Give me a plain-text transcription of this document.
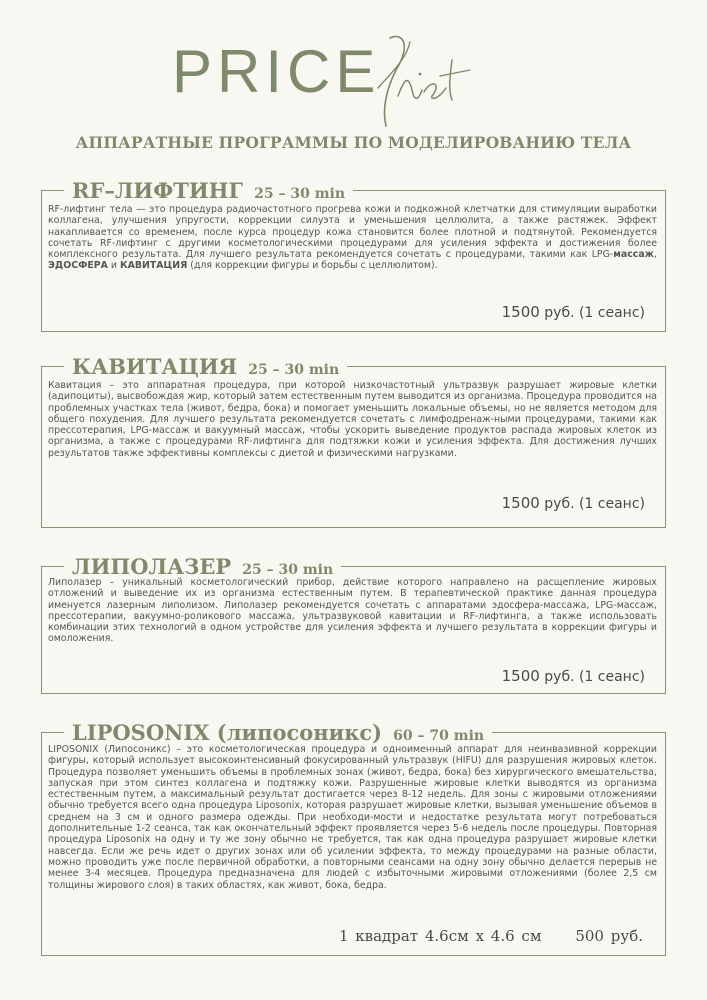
PRICE
АППАРАТНЫЕ ПРОГРАММЫ ПО МОДЕЛИРОВАНИЮ ТЕЛА
RF–ЛИФТИНГ 25 – 30 min

RF-лифтинг тела — это процедура радиочастотного прогрева кожи и подкожной клетчатки для стимуляции выработки коллагена, улучшения упругости, коррекции силуэта и уменьшения целлюлита, а также растяжек. Эффект накапливается со временем, после курса процедур кожа становится более плотной и подтянутой. Рекомендуется сочетать RF-лифтинг с другими косметологическими процедурами для усиления эффекта и достижения более комплексного результата. Для лучшего результата рекомендуется сочетать с процедурами, такими как LPG-массаж, ЭДОСФЕРА и КАВИТАЦИЯ (для коррекции фигуры и борьбы с целлюлитом).

1500 руб. (1 сеанс)
КАВИТАЦИЯ 25 – 30 min

Кавитация – это аппаратная процедура, при которой низкочастотный ультразвук разрушает жировые клетки (адипоциты), высвобождая жир, который затем естественным путем выводится из организма. Процедура проводится на проблемных участках тела (живот, бедра, бока) и помогает уменьшить локальные объемы, но не является методом для общего похудения. Для лучшего результата рекомендуется сочетать с лимфодренаж-ными процедурами, такими как прессотерапия, LPG-массаж и вакуумный массаж, чтобы ускорить выведение продуктов распада жировых клеток из организма, а также с процедурами RF-лифтинга для подтяжки кожи и усиления эффекта. Для достижения лучших результатов также эффективны комплексы с диетой и физическими нагрузками.

1500 руб. (1 сеанс)
ЛИПОЛАЗЕР 25 – 30 min

Липолазер – уникальный косметологический прибор, действие которого направлено на расщепление жировых отложений и выведение их из организма естественным путем. В терапевтической практике данная процедура именуется лазерным липолизом. Липолазер рекомендуется сочетать с аппаратами эдосфера-массажа, LPG-массаж, прессотерапии, вакуумно-роликового массажа, ультразвуковой кавитации и RF-лифтинга, а также использовать комбинации этих технологий в одном устройстве для усиления эффекта и лучшего результата в коррекции фигуры и омоложения.

1500 руб. (1 сеанс)
LIPOSONIX (липосоникс) 60 – 70 min

LIPOSONIX (Липосоникс) – это косметологическая процедура и одноименный аппарат для неинвазивной коррекции фигуры, который использует высокоинтенсивный фокусированный ультразвук (HIFU) для разрушения жировых клеток. Процедура позволяет уменьшить объемы в проблемных зонах (живот, бедра, бока) без хирургического вмешательства, запуская при этом синтез коллагена и подтяжку кожи. Разрушенные жировые клетки выводятся из организма естественным путем, а максимальный результат достигается через 8-12 недель. Для зоны с жировыми отложениями обычно требуется всего одна процедура Liposonix, которая разрушает жировые клетки, вызывая уменьшение объемов в среднем на 3 см и одного размера одежды. При необходи-мости и недостатке результата могут потребоваться дополнительные 1-2 сеанса, так как окончательный эффект проявляется через 5-6 недель после процедуры. Повторная процедура Liposonix на одну и ту же зону обычно не требуется, так как одна процедура разрушает жировые клетки навсегда. Если же речь идет о других зонах или об усилении эффекта, то между процедурами на разные области, можно проводить уже после первичной обработки, а повторными сеансами на одну зону обычно делается перерыв не менее 3-4 месяцев. Процедура предназначена для людей с избыточными жировыми отложениями (более 2,5 см толщины жирового слоя) в таких областях, как живот, бока, бедра.

1 квадрат 4.6см х 4.6 см 500 руб.
